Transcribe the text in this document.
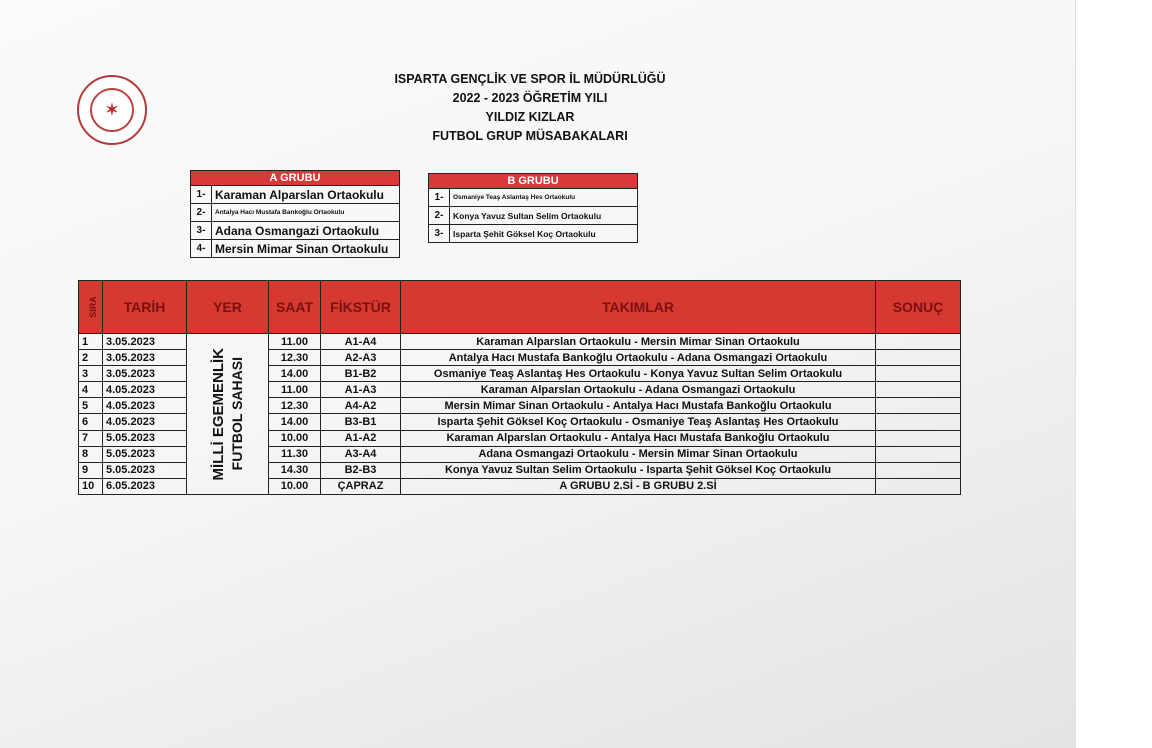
✶
ISPARTA GENÇLİK VE SPOR İL MÜDÜRLÜĞÜ
2022 - 2023 ÖĞRETİM YILI
YILDIZ KIZLAR
FUTBOL GRUP MÜSABAKALARI
A GRUBU	
1-	Karaman Alparslan Ortaokulu
2-	Antalya Hacı Mustafa Bankoğlu Ortaokulu
3-	Adana Osmangazi Ortaokulu
4-	Mersin Mimar Sinan Ortaokulu
B GRUBU	
1-	Osmaniye Teaş Aslantaş Hes Ortaokulu
2-	Konya Yavuz Sultan Selim Ortaokulu
3-	Isparta Şehit Göksel Koç Ortaokulu
SIRA	TARİH	YER	SAAT	FİKSTÜR	TAKIMLAR	SONUÇ
1	3.05.2023	MİLLİ EGEMENLİK FUTBOL SAHASI	11.00	A1-A4	Karaman Alparslan Ortaokulu - Mersin Mimar Sinan Ortaokulu	
2	3.05.2023		12.30	A2-A3	Antalya Hacı Mustafa Bankoğlu Ortaokulu - Adana Osmangazi Ortaokulu	
3	3.05.2023		14.00	B1-B2	Osmaniye Teaş Aslantaş Hes Ortaokulu - Konya Yavuz Sultan Selim Ortaokulu	
4	4.05.2023		11.00	A1-A3	Karaman Alparslan Ortaokulu - Adana Osmangazi Ortaokulu	
5	4.05.2023		12.30	A4-A2	Mersin Mimar Sinan Ortaokulu - Antalya Hacı Mustafa Bankoğlu Ortaokulu	
6	4.05.2023		14.00	B3-B1	Isparta Şehit Göksel Koç Ortaokulu - Osmaniye Teaş Aslantaş Hes Ortaokulu	
7	5.05.2023		10.00	A1-A2	Karaman Alparslan Ortaokulu - Antalya Hacı Mustafa Bankoğlu Ortaokulu	
8	5.05.2023		11.30	A3-A4	Adana Osmangazi Ortaokulu - Mersin Mimar Sinan Ortaokulu	
9	5.05.2023		14.30	B2-B3	Konya Yavuz Sultan Selim Ortaokulu - Isparta Şehit Göksel Koç Ortaokulu	
10	6.05.2023		10.00	ÇAPRAZ	A GRUBU 2.Sİ - B GRUBU 2.Sİ	
